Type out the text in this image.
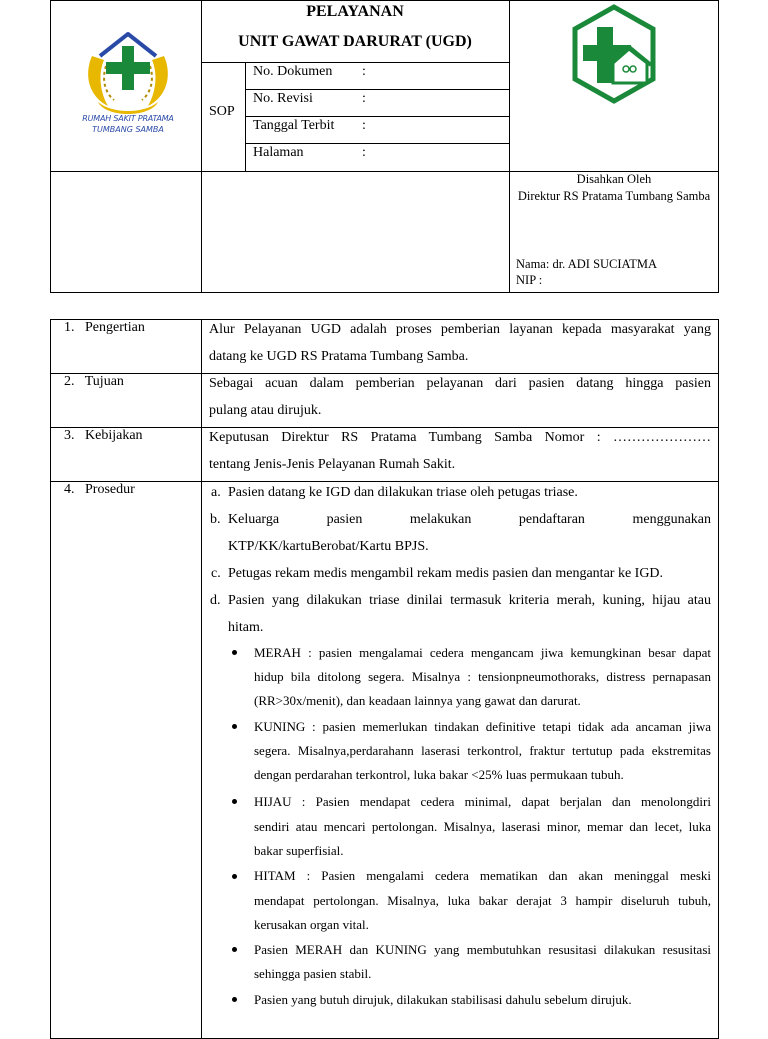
RUMAH SAKIT PRATAMA
TUMBANG SAMBA
PELAYANAN
UNIT GAWAT DARURAT (UGD)
SOP
No. Dokumen :
No. Revisi	:
Tanggal Terbit :
Halaman	:
Disahkan Oleh
Direktur RS Pratama Tumbang Samba
Nama: dr. ADI SUCIATMA
NIP :
1.   Pengertian
2.   Tujuan
3.   Kebijakan
4.   Prosedur
Alur Pelayanan UGD adalah proses pemberian layanan kepada masyarakat yang
datang ke UGD RS Pratama Tumbang Samba.
Sebagai acuan dalam pemberian pelayanan dari pasien datang hingga pasien
pulang atau dirujuk.
Keputusan Direktur RS Pratama Tumbang Samba Nomor : …………………
tentang Jenis-Jenis Pelayanan Rumah Sakit.
a. Pasien datang ke IGD dan dilakukan triase oleh petugas triase.
b. Keluarga pasien melakukan pendaftaran menggunakan
KTP/KK/kartuBerobat/Kartu BPJS.
c. Petugas rekam medis mengambil rekam medis pasien dan mengantar ke IGD.
d. Pasien yang dilakukan triase dinilai termasuk kriteria merah, kuning, hijau atau
hitam.
MERAH : pasien mengalamai cedera mengancam jiwa kemungkinan besar dapat
hidup bila ditolong segera. Misalnya : tensionpneumothoraks, distress pernapasan
(RR>30x/menit), dan keadaan lainnya yang gawat dan darurat.
KUNING : pasien memerlukan tindakan definitive tetapi tidak ada ancaman jiwa
segera. Misalnya,perdarahann laserasi terkontrol, fraktur tertutup pada ekstremitas
dengan perdarahan terkontrol, luka bakar <25% luas permukaan tubuh.
HIJAU : Pasien mendapat cedera minimal, dapat berjalan dan menolongdiri
sendiri atau mencari pertolongan. Misalnya, laserasi minor, memar dan lecet, luka
bakar superfisial.
HITAM : Pasien mengalami cedera mematikan dan akan meninggal meski
mendapat pertolongan. Misalnya, luka bakar derajat 3 hampir diseluruh tubuh,
kerusakan organ vital.
Pasien MERAH dan KUNING yang membutuhkan resusitasi dilakukan resusitasi
sehingga pasien stabil.
Pasien yang butuh dirujuk, dilakukan stabilisasi dahulu sebelum dirujuk.
